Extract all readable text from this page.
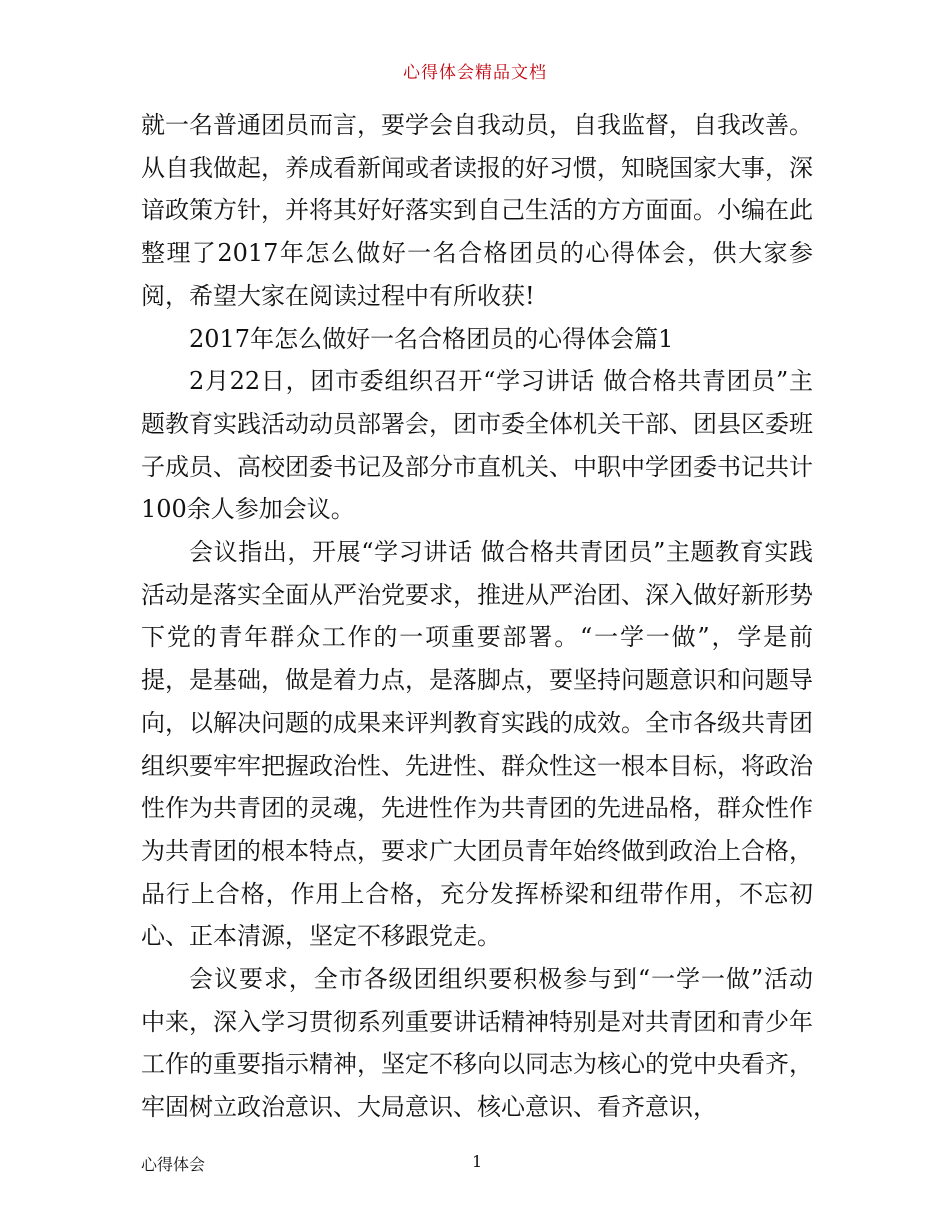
心得体会精品文档

就一名普通团员而言，要学会自我动员，自我监督，自我改善。从自我做起，养成看新闻或者读报的好习惯，知晓国家大事，深谙政策方针，并将其好好落实到自己生活的方方面面。小编在此整理了2017年怎么做好一名合格团员的心得体会，供大家参阅，希望大家在阅读过程中有所收获!

2017年怎么做好一名合格团员的心得体会篇1

2月22日，团市委组织召开“学习讲话 做合格共青团员”主题教育实践活动动员部署会，团市委全体机关干部、团县区委班子成员、高校团委书记及部分市直机关、中职中学团委书记共计100余人参加会议。

会议指出，开展“学习讲话 做合格共青团员”主题教育实践活动是落实全面从严治党要求，推进从严治团、深入做好新形势下党的青年群众工作的一项重要部署。“一学一做”，学是前提，是基础，做是着力点，是落脚点，要坚持问题意识和问题导向，以解决问题的成果来评判教育实践的成效。全市各级共青团组织要牢牢把握政治性、先进性、群众性这一根本目标，将政治性作为共青团的灵魂，先进性作为共青团的先进品格，群众性作为共青团的根本特点，要求广大团员青年始终做到政治上合格，品行上合格，作用上合格，充分发挥桥梁和纽带作用，不忘初心、正本清源，坚定不移跟党走。

会议要求，全市各级团组织要积极参与到“一学一做”活动中来，深入学习贯彻系列重要讲话精神特别是对共青团和青少年工作的重要指示精神，坚定不移向以同志为核心的党中央看齐，牢固树立政治意识、大局意识、核心意识、看齐意识，

心得体会	1
